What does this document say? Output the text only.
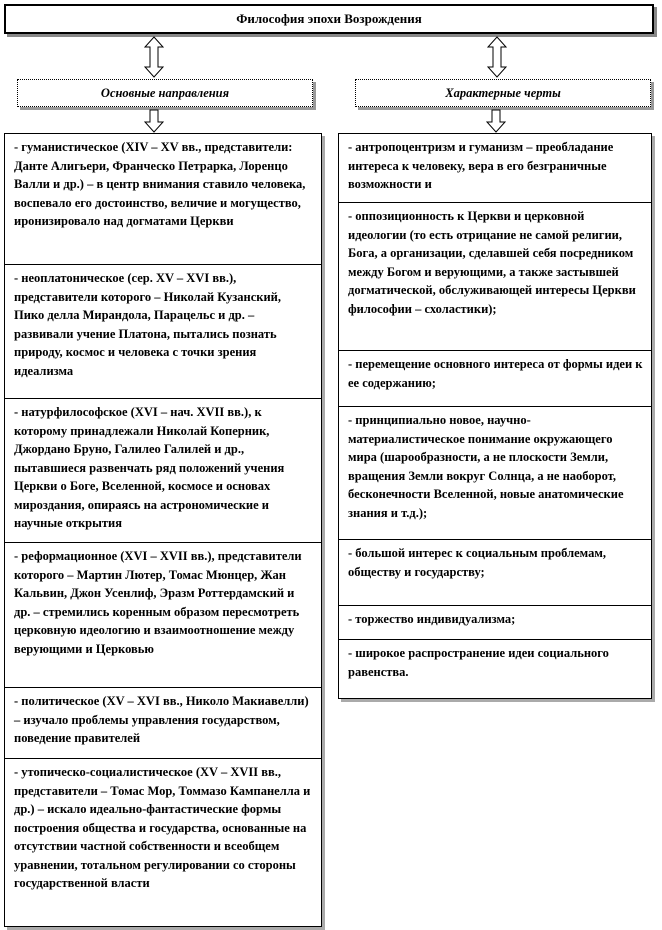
Философия эпохи Возрождения
Основные направления	Характерные черты
- гуманистическое (XIV – XV вв., представители: Данте Алигьери, Франческо Петрарка, Лоренцо Валли и др.) – в центр внимания ставило человека, воспевало его достоинство, величие и могущество, иронизировало над догматами Церкви
- неоплатоническое (сер. XV – XVI вв.), представители которого – Николай Кузанский, Пико делла Мирандола, Парацельс и др. – развивали учение Платона, пытались познать природу, космос и человека с точки зрения идеализма
- натурфилософское (XVI – нач. XVII вв.), к которому принадлежали Николай Коперник, Джордано Бруно, Галилео Галилей и др., пытавшиеся развенчать ряд положений учения Церкви о Боге, Вселенной, космосе и основах мироздания, опираясь на астрономические и научные открытия
- реформационное (XVI – XVII вв.), представители которого – Мартин Лютер, Томас Мюнцер, Жан Кальвин, Джон Усенлиф, Эразм Роттердамский и др. – стремились коренным образом пересмотреть церковную идеологию и взаимоотношение между верующими и Церковью
- политическое (XV – XVI вв., Николо Макиавелли) – изучало проблемы управления государством, поведение правителей
- утопическо-социалистическое (XV – XVII вв., представители – Томас Мор, Томмазо Кампанелла и др.) – искало идеально-фантастические формы построения общества и государства, основанные на отсутствии частной собственности и всеобщем уравнении, тотальном регулировании со стороны государственной власти
- антропоцентризм и гуманизм – преобладание интереса к человеку, вера в его безграничные возможности и
- оппозиционность к Церкви и церковной идеологии (то есть отрицание не самой религии, Бога, а организации, сделавшей себя посредником между Богом и верующими, а также застывшей догматической, обслуживающей интересы Церкви философии – схоластики);
- перемещение основного интереса от формы идеи к ее содержанию;
- принципиально новое, научно-материалистическое понимание окружающего мира (шарообразности, а не плоскости Земли, вращения Земли вокруг Солнца, а не наоборот, бесконечности Вселенной, новые анатомические знания и т.д.);
- большой интерес к социальным проблемам, обществу и государству;
- торжество индивидуализма;
- широкое распространение идеи социального равенства.
